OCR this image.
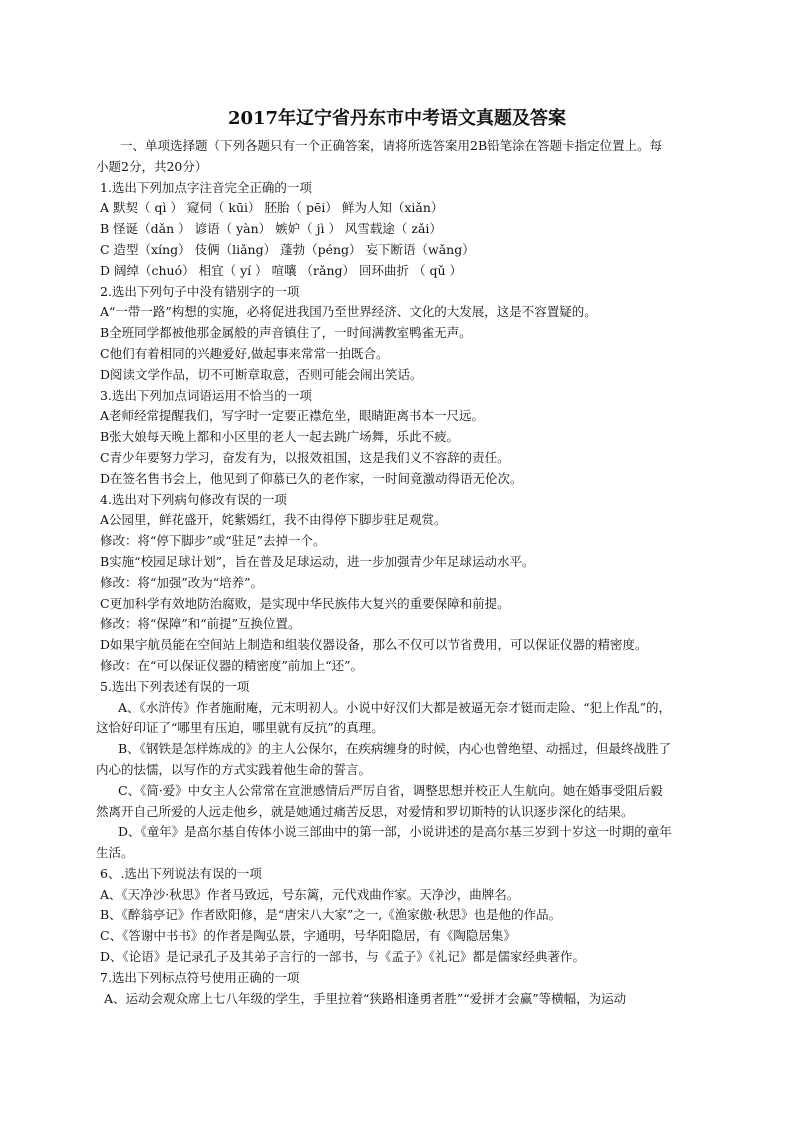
2017年辽宁省丹东市中考语文真题及答案
一、单项选择题（下列各题只有一个正确答案，请将所选答案用2B铅笔涂在答题卡指定位置上。每
小题2分，共20分）
1.选出下列加点字注音完全正确的一项
A 默契（ qì ） 窥伺（ kūi） 胚胎（ pēi） 鲜为人知（xiǎn）
B 怪诞（dǎn ） 谚语（ yàn） 嫉妒（ jì ） 风雪载途（ zǎi）
C 造型（xíng） 伎俩（liǎng） 蓬勃（péng） 妄下断语（wǎng）
D 阔绰（chuó） 相宜（ yí ） 喧嚷 （rǎng） 回环曲折 （ qǔ ）
2.选出下列句子中没有错别字的一项
A“一带一路”构想的实施，必将促进我国乃至世界经济、文化的大发展，这是不容置疑的。
B全班同学都被他那金属般的声音镇住了，一时间满教室鸭雀无声。
C他们有着相同的兴趣爱好,做起事来常常一拍既合。
D阅读文学作品，切不可断章取意，否则可能会闹出笑话。
3.选出下列加点词语运用不恰当的一项
A老师经常提醒我们，写字时一定要正襟危坐，眼睛距离书本一尺远。
B张大娘每天晚上都和小区里的老人一起去跳广场舞，乐此不疲。
C青少年要努力学习，奋发有为，以报效祖国，这是我们义不容辞的责任。
D在签名售书会上，他见到了仰慕已久的老作家，一时间竟激动得语无伦次。
4.选出对下列病句修改有误的一项
A公园里，鲜花盛开，姹紫嫣红，我不由得停下脚步驻足观赏。
修改：将“停下脚步”或“驻足”去掉一个。
B实施“校园足球计划”，旨在普及足球运动，进一步加强青少年足球运动水平。
修改：将“加强”改为“培养”。
C更加科学有效地防治腐败，是实现中华民族伟大复兴的重要保障和前提。
修改：将“保障”和“前提”互换位置。
D如果宇航员能在空间站上制造和组装仪器设备，那么不仅可以节省费用，可以保证仪器的精密度。
修改：在“可以保证仪器的精密度”前加上“还”。
5.选出下列表述有误的一项
A、《水浒传》作者施耐庵，元末明初人。小说中好汉们大都是被逼无奈才铤而走险、“犯上作乱”的，
这恰好印证了“哪里有压迫，哪里就有反抗”的真理。
B、《钢铁是怎样炼成的》的主人公保尔，在疾病缠身的时候，内心也曾绝望、动摇过，但最终战胜了
内心的怯懦，以写作的方式实践着他生命的誓言。
C、《简·爱》中女主人公常常在宣泄感情后严厉自省，调整思想并校正人生航向。她在婚事受阻后毅
然离开自己所爱的人远走他乡，就是她通过痛苦反思，对爱情和罗切斯特的认识逐步深化的结果。
D、《童年》是高尔基自传体小说三部曲中的第一部，小说讲述的是高尔基三岁到十岁这一时期的童年
生活。
6、.选出下列说法有误的一项
A、《天净沙·秋思》作者马致远，号东篱，元代戏曲作家。天净沙，曲牌名。
B、《醉翁亭记》作者欧阳修，是“唐宋八大家”之一,《渔家傲·秋思》也是他的作品。
C、《答谢中书书》的作者是陶弘景，字通明，号华阳隐居，有《陶隐居集》
D、《论语》是记录孔子及其弟子言行的一部书，与《孟子》《礼记》都是儒家经典著作。
7.选出下列标点符号使用正确的一项
A、运动会观众席上七八年级的学生，手里拉着“狭路相逢勇者胜”“爱拼才会赢”等横幅，为运动
